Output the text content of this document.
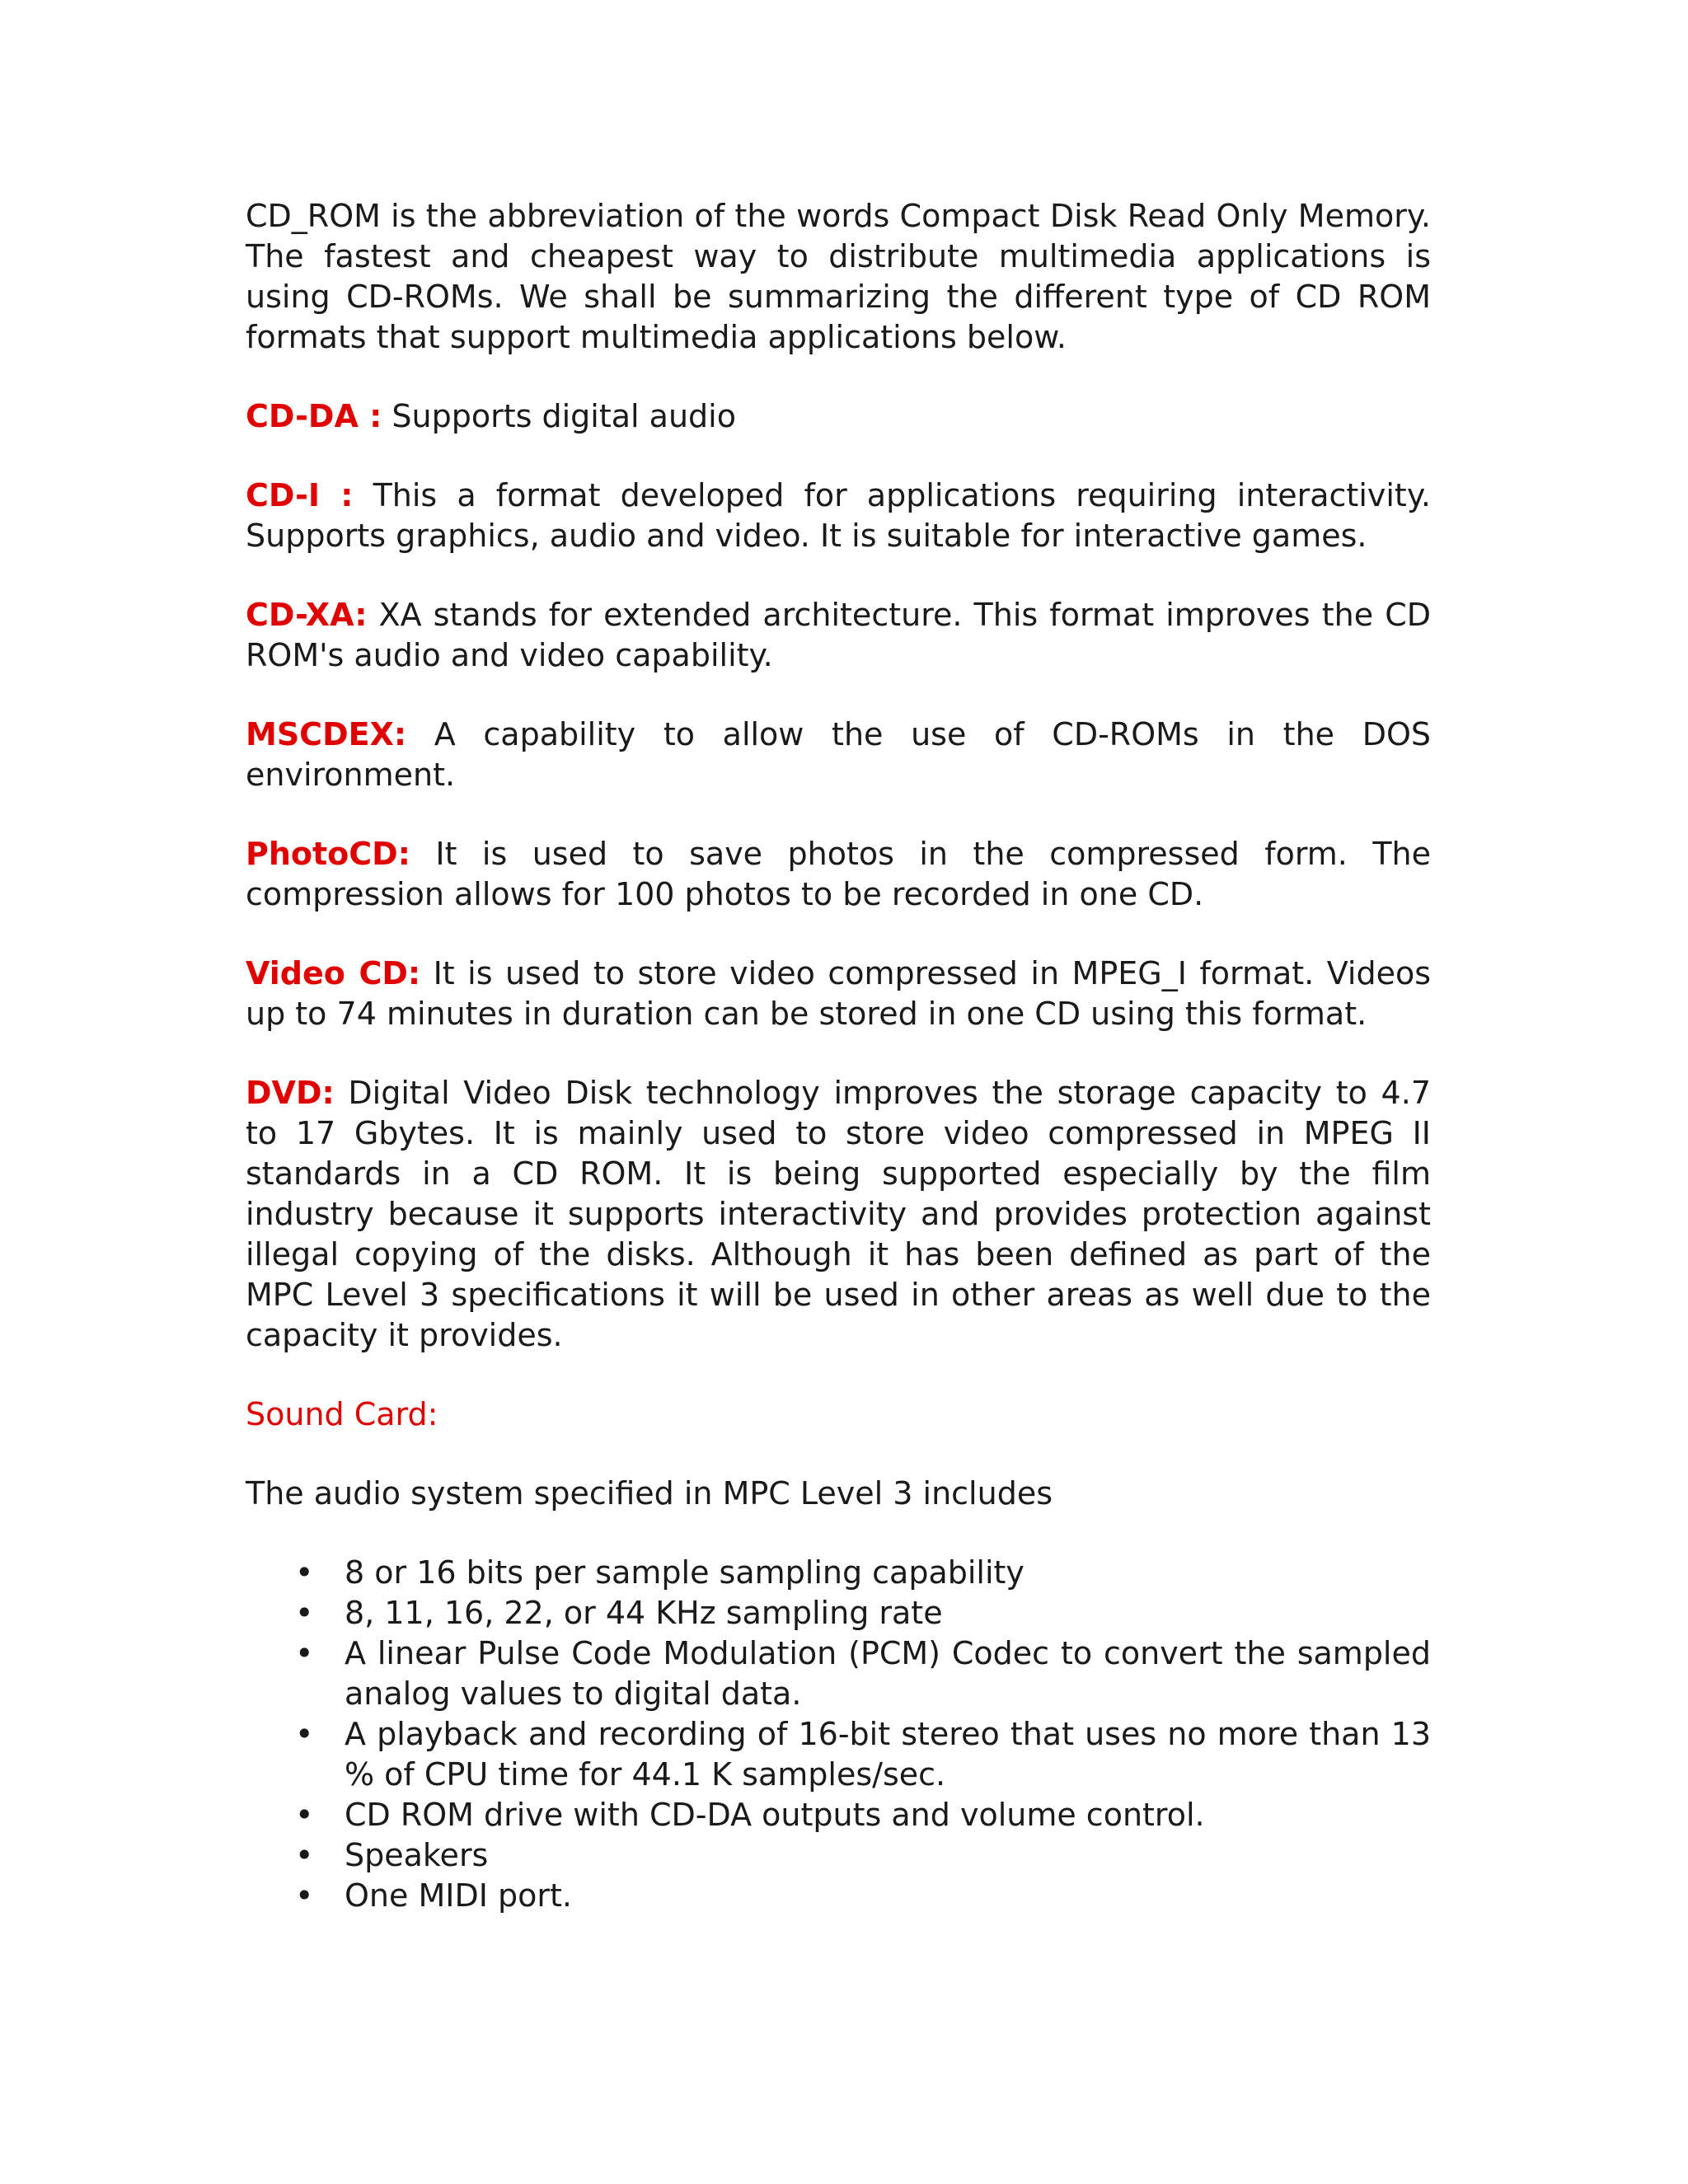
CD_ROM is the abbreviation of the words Compact Disk Read Only Memory. The fastest and cheapest way to distribute multimedia applications is using CD-ROMs. We shall be summarizing the different type of CD ROM formats that support multimedia applications below.

CD-DA : Supports digital audio

CD-I : This a format developed for applications requiring interactivity. Supports graphics, audio and video. It is suitable for interactive games.

CD-XA: XA stands for extended architecture. This format improves the CD ROM's audio and video capability.

MSCDEX: A capability to allow the use of CD-ROMs in the DOS environment.

PhotoCD: It is used to save photos in the compressed form. The compression allows for 100 photos to be recorded in one CD.

Video CD: It is used to store video compressed in MPEG_I format. Videos up to 74 minutes in duration can be stored in one CD using this format.

DVD: Digital Video Disk technology improves the storage capacity to 4.7 to 17 Gbytes. It is mainly used to store video compressed in MPEG II standards in a CD ROM. It is being supported especially by the film industry because it supports interactivity and provides protection against illegal copying of the disks. Although it has been defined as part of the MPC Level 3 specifications it will be used in other areas as well due to the capacity it provides.

Sound Card:

The audio system specified in MPC Level 3 includes

• 8 or 16 bits per sample sampling capability
• 8, 11, 16, 22, or 44 KHz sampling rate
• A linear Pulse Code Modulation (PCM) Codec to convert the sampled analog values to digital data.
• A playback and recording of 16-bit stereo that uses no more than 13 % of CPU time for 44.1 K samples/sec.
• CD ROM drive with CD-DA outputs and volume control.
• Speakers
• One MIDI port.
